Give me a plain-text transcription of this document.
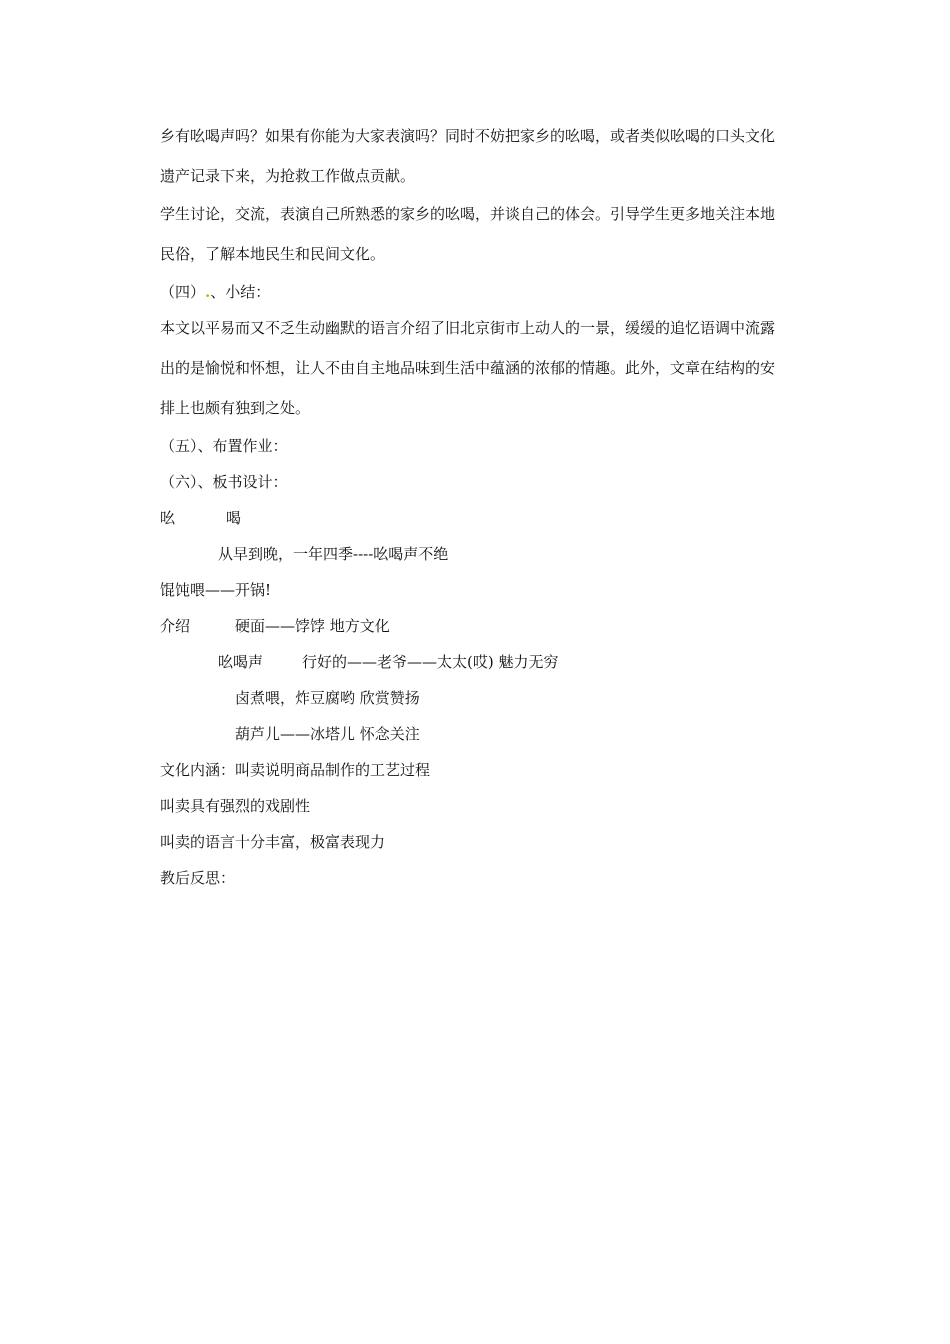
乡有吆喝声吗？如果有你能为大家表演吗？同时不妨把家乡的吆喝，或者类似吆喝的口头文化
遗产记录下来，为抢救工作做点贡献。
学生讨论，交流，表演自己所熟悉的家乡的吆喝，并谈自己的体会。引导学生更多地关注本地
民俗，了解本地民生和民间文化。
（四）.、小结：
本文以平易而又不乏生动幽默的语言介绍了旧北京街市上动人的一景，缓缓的追忆语调中流露
出的是愉悦和怀想，让人不由自主地品味到生活中蕴涵的浓郁的情趣。此外，文章在结构的安
排上也颇有独到之处。
（五）、布置作业：
（六）、板书设计：
吆	喝
从早到晚，一年四季----吆喝声不绝
馄饨喂——开锅!
介绍	硬面——饽饽 地方文化
吆喝声	行好的——老爷——太太(哎) 魅力无穷
卤煮喂，炸豆腐哟 欣赏赞扬
葫芦儿——冰塔儿 怀念关注
文化内涵：叫卖说明商品制作的工艺过程
叫卖具有强烈的戏剧性
叫卖的语言十分丰富，极富表现力
教后反思：
